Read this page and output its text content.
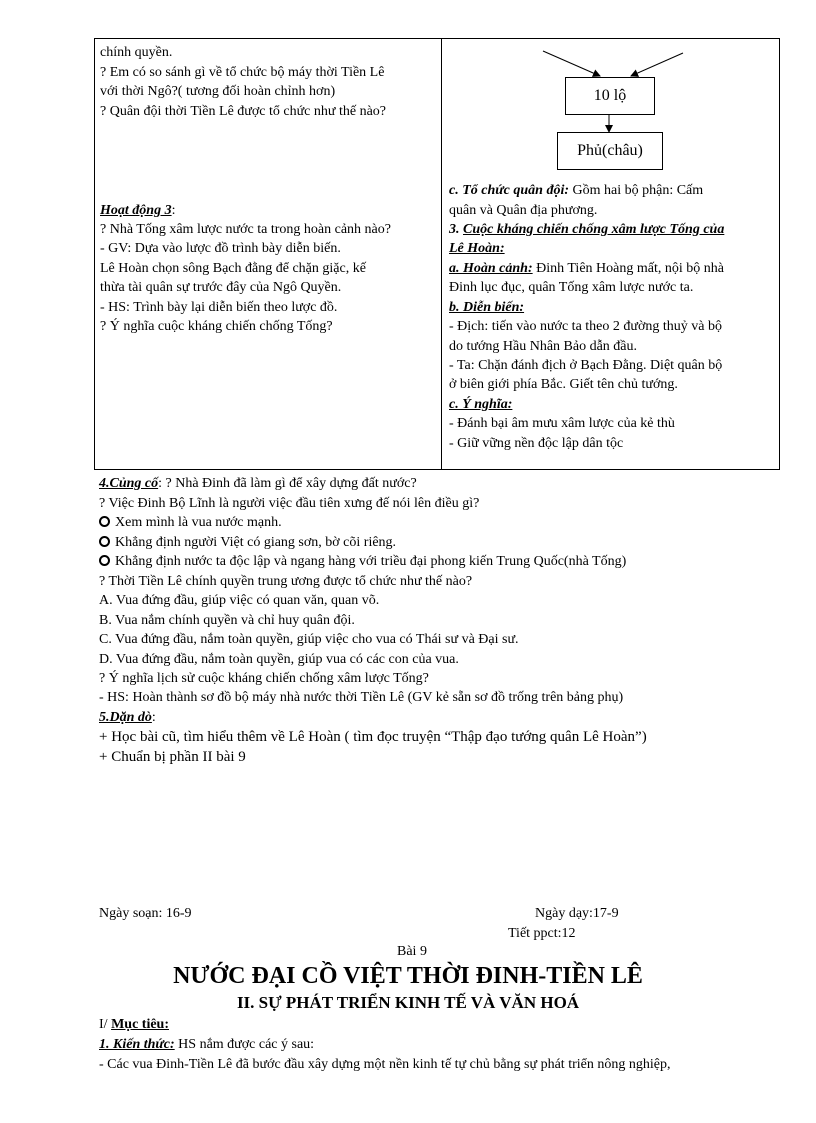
chính quyền.
? Em có so sánh gì về tổ chức bộ máy thời Tiền Lê
với thời Ngô?( tương đối hoàn chỉnh hơn)
? Quân đội thời Tiền Lê được tổ chức như thế nào?
Hoạt động 3:
? Nhà Tống xâm lược nước ta trong hoàn cảnh nào?
- GV: Dựa vào lược đồ trình bày diễn biến.
Lê Hoàn chọn sông Bạch đằng để chặn giặc, kế
thừa tài quân sự trước đây của Ngô Quyền.
- HS: Trình bày lại diễn biến theo lược đồ.
? Ý nghĩa cuộc kháng chiến chống Tống?
10 lộ
Phủ(châu)
c. Tổ chức quân đội: Gồm hai bộ phận: Cấm
quân và Quân địa phương.
3. Cuộc kháng chiến chống xâm lược Tống của
Lê Hoàn:
a. Hoàn cảnh: Đinh Tiên Hoàng mất, nội bộ nhà
Đinh lục đục, quân Tống xâm lược nước ta.
b. Diễn biến:
- Địch: tiến vào nước ta theo 2 đường thuỷ và bộ
do tướng Hầu Nhân Bảo dẫn đầu.
- Ta: Chặn đánh địch ở Bạch Đằng. Diệt quân bộ
ở biên giới phía Bắc. Giết tên chủ tướng.
c. Ý nghĩa:
- Đánh bại âm mưu xâm lược của kẻ thù
- Giữ vững nền độc lập dân tộc
4.Củng cố: ? Nhà Đinh đã làm gì để xây dựng đất nước?
? Việc Đinh Bộ Lĩnh là người việc đầu tiên xưng đế nói lên điều gì?
Xem mình là vua nước mạnh.
Khẳng định người Việt có giang sơn, bờ cõi riêng.
Khẳng định nước ta độc lập và ngang hàng với triều đại phong kiến Trung Quốc(nhà Tống)
? Thời Tiền Lê chính quyền trung ương được tổ chức như thế nào?
A. Vua đứng đầu, giúp việc có quan văn, quan võ.
B. Vua nắm chính quyền và chỉ huy quân đội.
C. Vua đứng đầu, nắm toàn quyền, giúp việc cho vua có Thái sư và Đại sư.
D. Vua đứng đầu, nắm toàn quyền, giúp vua có các con của vua.
? Ý nghĩa lịch sử cuộc kháng chiến chống xâm lược Tống?
- HS: Hoàn thành sơ đồ bộ máy nhà nước thời Tiền Lê (GV kẻ sẵn sơ đồ trống trên bảng phụ)
5.Dặn dò:
+ Học bài cũ, tìm hiểu thêm về Lê Hoàn ( tìm đọc truyện “Thập đạo tướng quân Lê Hoàn”)
+ Chuẩn bị phần II bài 9
Ngày soạn: 16-9	Ngày dạy:17-9
Tiết ppct:12
Bài 9
NƯỚC ĐẠI CỒ VIỆT THỜI ĐINH-TIỀN LÊ
II. SỰ PHÁT TRIỂN KINH TẾ VÀ VĂN HOÁ
I/ Mục tiêu:
1. Kiến thức: HS nắm được các ý sau:
- Các vua Đinh-Tiền Lê đã bước đầu xây dựng một nền kinh tế tự chủ bằng sự phát triển nông nghiệp,
